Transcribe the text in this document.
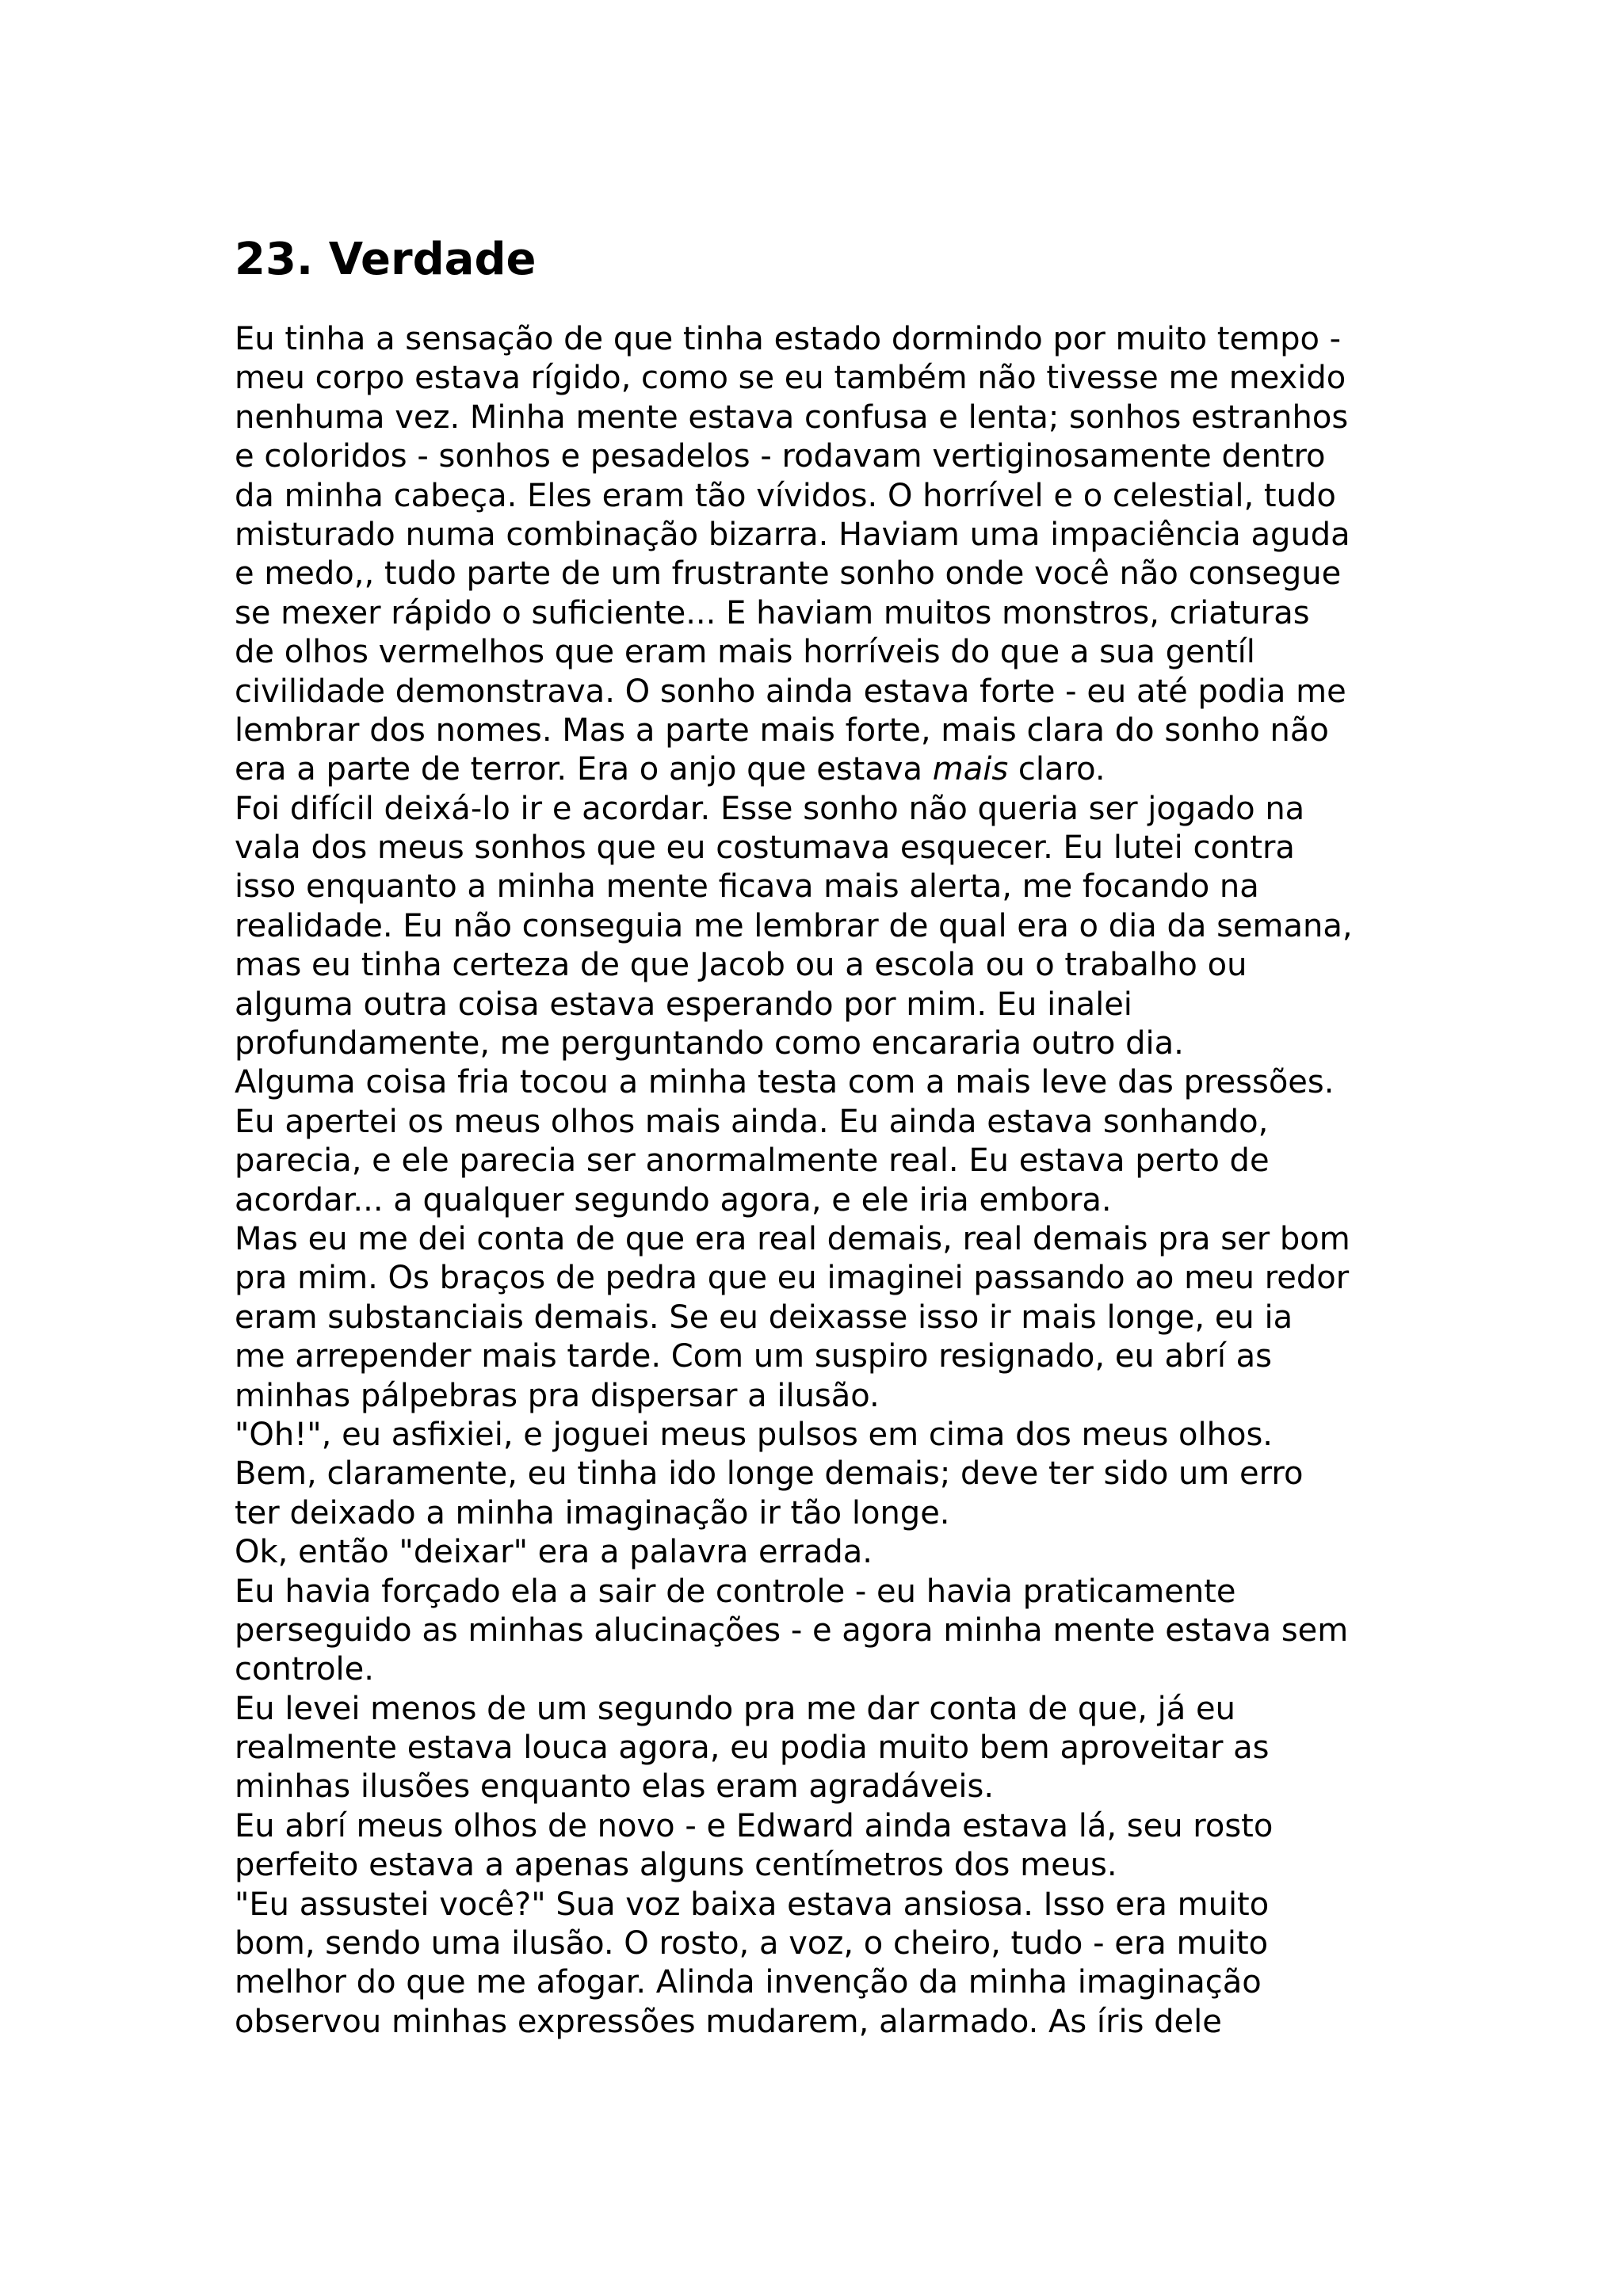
23. Verdade
Eu tinha a sensação de que tinha estado dormindo por muito tempo -
meu corpo estava rígido, como se eu também não tivesse me mexido
nenhuma vez. Minha mente estava confusa e lenta; sonhos estranhos
e coloridos - sonhos e pesadelos - rodavam vertiginosamente dentro
da minha cabeça. Eles eram tão vívidos. O horrível e o celestial, tudo
misturado numa combinação bizarra. Haviam uma impaciência aguda
e medo,, tudo parte de um frustrante sonho onde você não consegue
se mexer rápido o suficiente... E haviam muitos monstros, criaturas
de olhos vermelhos que eram mais horríveis do que a sua gentíl
civilidade demonstrava. O sonho ainda estava forte - eu até podia me
lembrar dos nomes. Mas a parte mais forte, mais clara do sonho não
era a parte de terror. Era o anjo que estava mais claro.
Foi difícil deixá-lo ir e acordar. Esse sonho não queria ser jogado na
vala dos meus sonhos que eu costumava esquecer. Eu lutei contra
isso enquanto a minha mente ficava mais alerta, me focando na
realidade. Eu não conseguia me lembrar de qual era o dia da semana,
mas eu tinha certeza de que Jacob ou a escola ou o trabalho ou
alguma outra coisa estava esperando por mim. Eu inalei
profundamente, me perguntando como encararia outro dia.
Alguma coisa fria tocou a minha testa com a mais leve das pressões.
Eu apertei os meus olhos mais ainda. Eu ainda estava sonhando,
parecia, e ele parecia ser anormalmente real. Eu estava perto de
acordar... a qualquer segundo agora, e ele iria embora.
Mas eu me dei conta de que era real demais, real demais pra ser bom
pra mim. Os braços de pedra que eu imaginei passando ao meu redor
eram substanciais demais. Se eu deixasse isso ir mais longe, eu ia
me arrepender mais tarde. Com um suspiro resignado, eu abrí as
minhas pálpebras pra dispersar a ilusão.
"Oh!", eu asfixiei, e joguei meus pulsos em cima dos meus olhos.
Bem, claramente, eu tinha ido longe demais; deve ter sido um erro
ter deixado a minha imaginação ir tão longe.
Ok, então "deixar" era a palavra errada.
Eu havia forçado ela a sair de controle - eu havia praticamente
perseguido as minhas alucinações - e agora minha mente estava sem
controle.
Eu levei menos de um segundo pra me dar conta de que, já eu
realmente estava louca agora, eu podia muito bem aproveitar as
minhas ilusões enquanto elas eram agradáveis.
Eu abrí meus olhos de novo - e Edward ainda estava lá, seu rosto
perfeito estava a apenas alguns centímetros dos meus.
"Eu assustei você?" Sua voz baixa estava ansiosa. Isso era muito
bom, sendo uma ilusão. O rosto, a voz, o cheiro, tudo - era muito
melhor do que me afogar. Alinda invenção da minha imaginação
observou minhas expressões mudarem, alarmado. As íris dele
